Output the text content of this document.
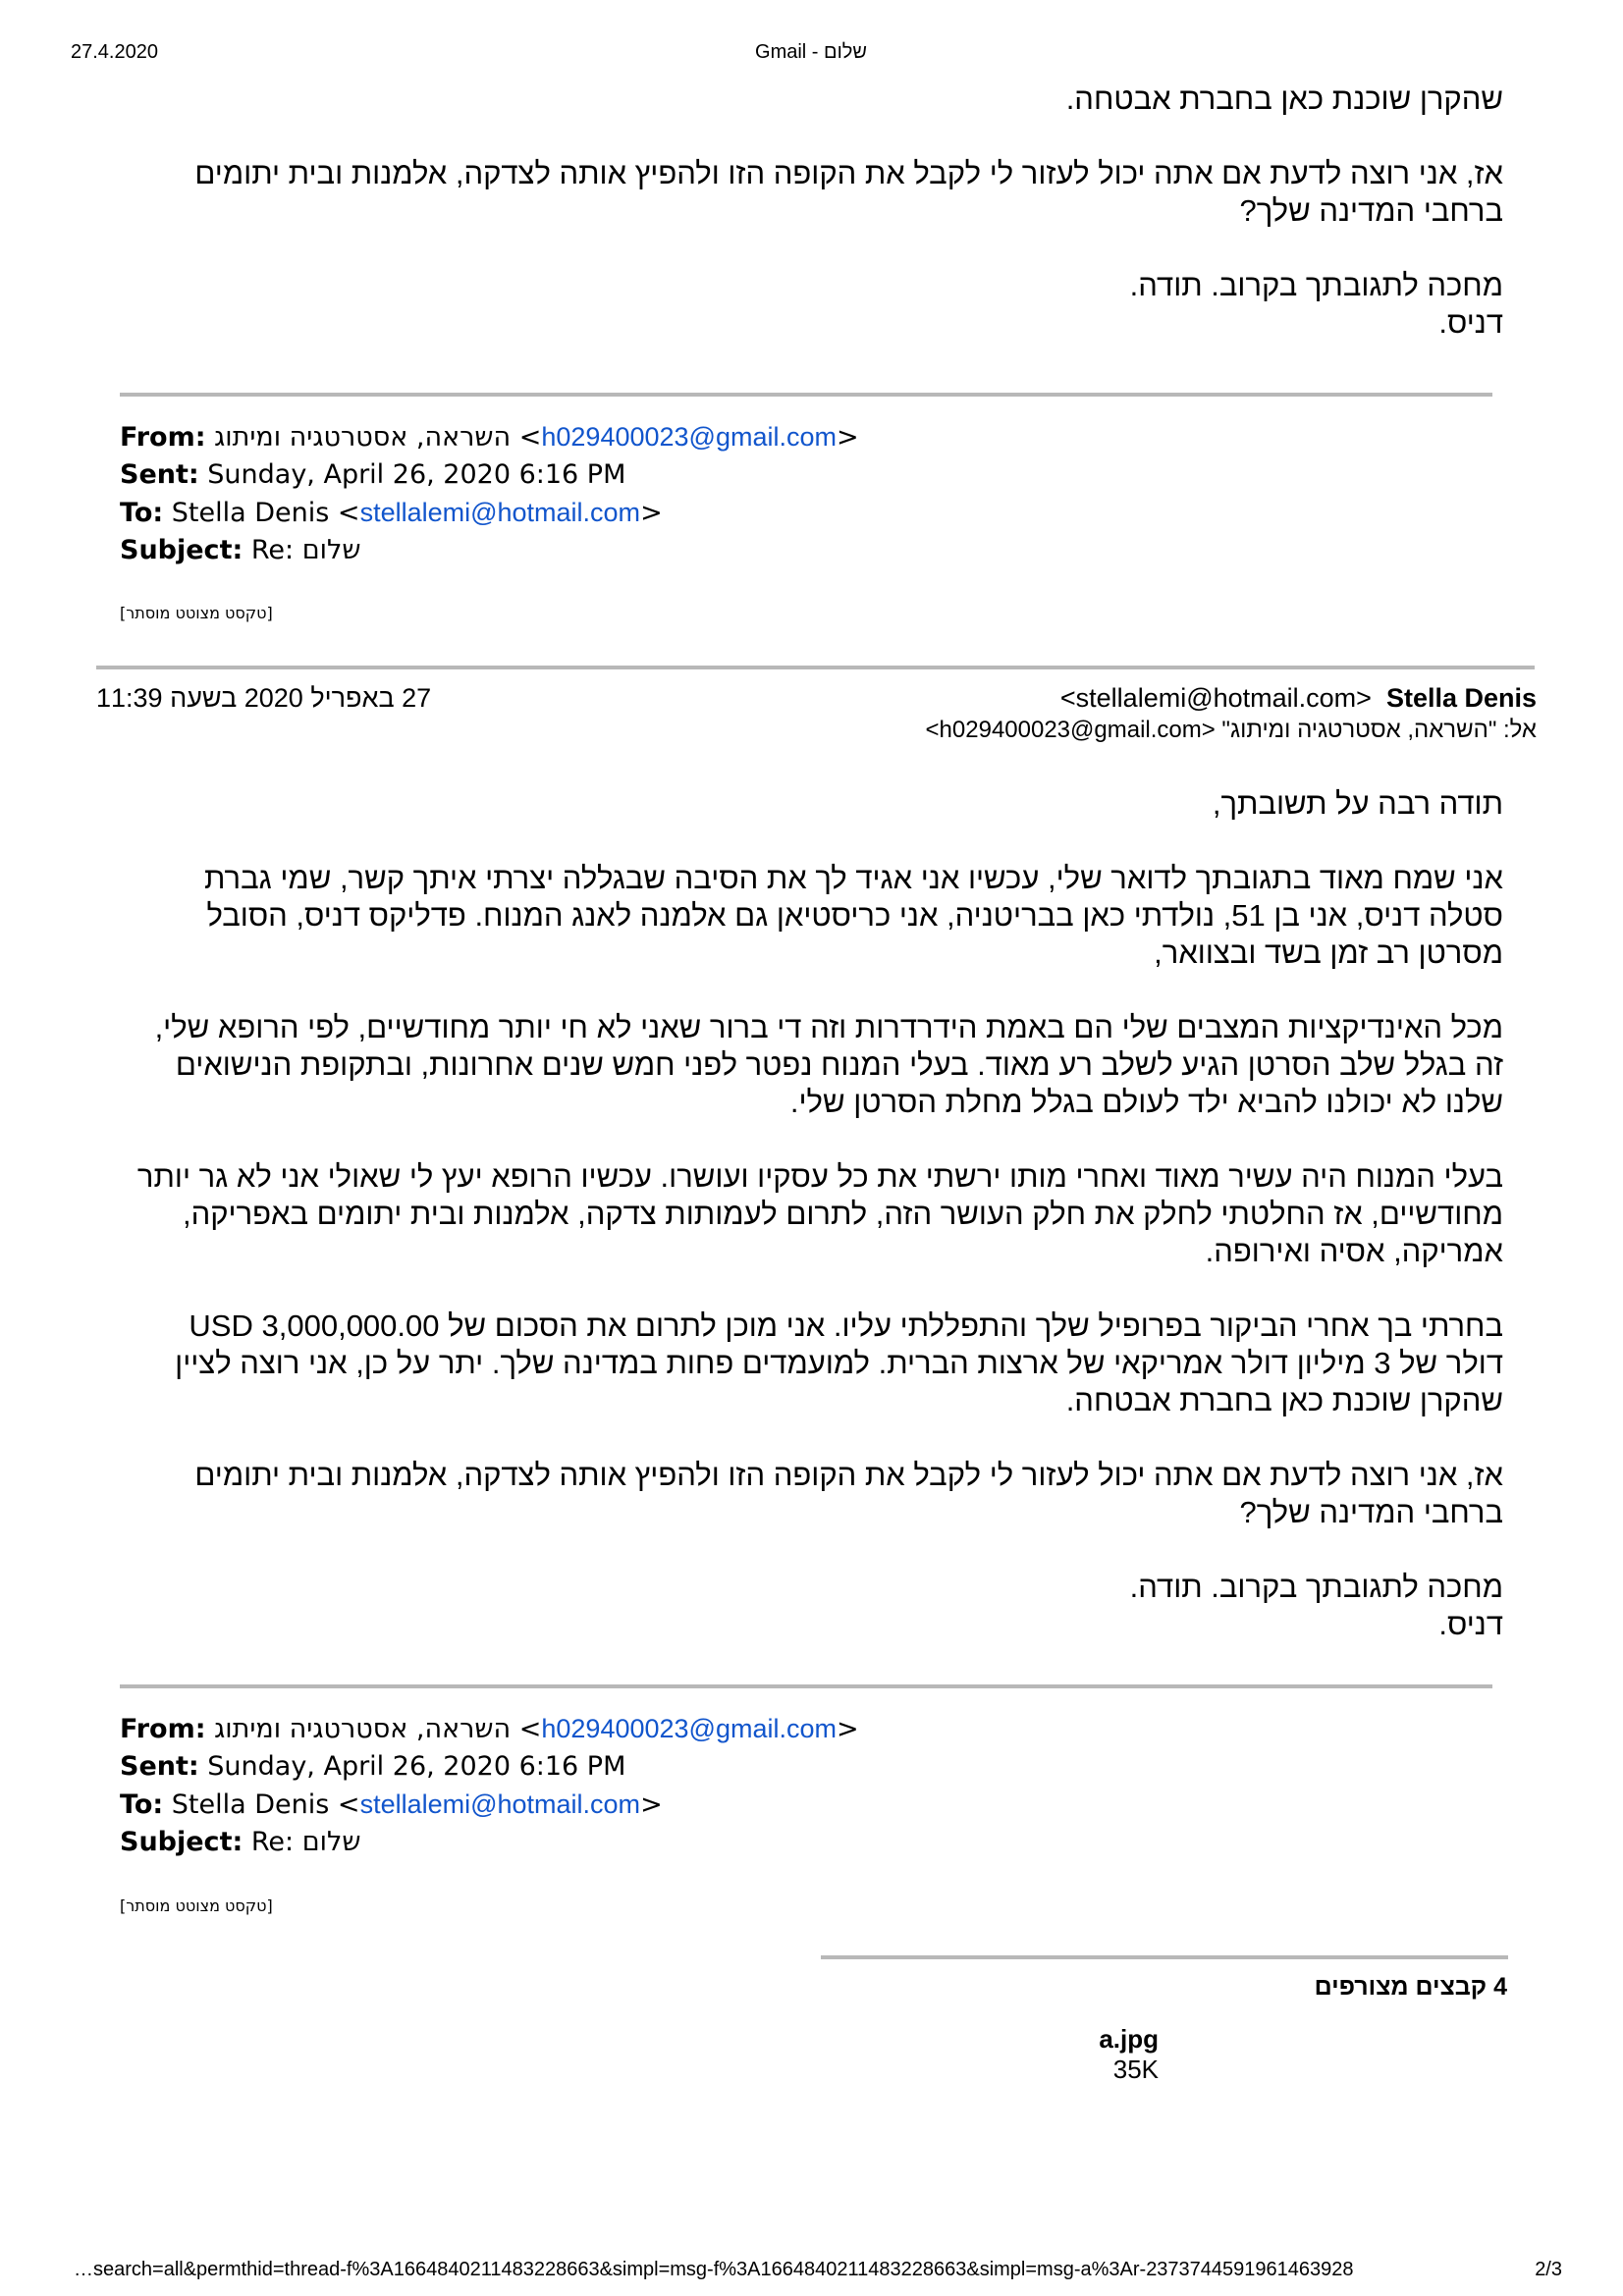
27.4.2020	שלום - Gmail

שהקרן שוכנת כאן בחברת אבטחה.

אז, אני רוצה לדעת אם אתה יכול לעזור לי לקבל את הקופה הזו ולהפיץ אותה לצדקה, אלמנות ובית יתומים
ברחבי המדינה שלך?

מחכה לתגובתך בקרוב. תודה.
דניס.

From: השראה, אסטרטגיה ומיתוג <h029400023@gmail.com>
Sent: Sunday, April 26, 2020 6:16 PM
To: Stella Denis <stellalemi@hotmail.com>
Subject: Re: שלום
[טקסט מצוטט מוסתר]
<stellalemi@hotmail.com> Stella Denis
27 באפריל 2020 בשעה 11:39
אל: "השראה, אסטרטגיה ומיתוג" <h029400023@gmail.com>

תודה רבה על תשובתך,

אני שמח מאוד בתגובתך לדואר שלי, עכשיו אני אגיד לך את הסיבה שבגללה יצרתי איתך קשר, שמי גברת
סטלה דניס, אני בן 51, נולדתי כאן בבריטניה, אני כריסטיאן גם אלמנה לאנג המנוח. פדליקס דניס, הסובל
מסרטן רב זמן בשד ובצוואר,

מכל האינדיקציות המצבים שלי הם באמת הידרדרות וזה די ברור שאני לא חי יותר מחודשיים, לפי הרופא שלי,
זה בגלל שלב הסרטן הגיע לשלב רע מאוד. בעלי המנוח נפטר לפני חמש שנים אחרונות, ובתקופת הנישואים
שלנו לא יכולנו להביא ילד לעולם בגלל מחלת הסרטן שלי.

בעלי המנוח היה עשיר מאוד ואחרי מותו ירשתי את כל עסקיו ועושרו. עכשיו הרופא יעץ לי שאולי אני לא גר יותר
מחודשיים, אז החלטתי לחלק את חלק העושר הזה, לתרום לעמותות צדקה, אלמנות ובית יתומים באפריקה,
אמריקה, אסיה ואירופה.

בחרתי בך אחרי הביקור בפרופיל שלך והתפללתי עליו. אני מוכן לתרום את הסכום של 3,000,000.00 USD
דולר של 3 מיליון דולר אמריקאי של ארצות הברית. למועמדים פחות במדינה שלך. יתר על כן, אני רוצה לציין
שהקרן שוכנת כאן בחברת אבטחה.

אז, אני רוצה לדעת אם אתה יכול לעזור לי לקבל את הקופה הזו ולהפיץ אותה לצדקה, אלמנות ובית יתומים
ברחבי המדינה שלך?

מחכה לתגובתך בקרוב. תודה.
דניס.

From: השראה, אסטרטגיה ומיתוג <h029400023@gmail.com>
Sent: Sunday, April 26, 2020 6:16 PM
To: Stella Denis <stellalemi@hotmail.com>
Subject: Re: שלום
[טקסט מצוטט מוסתר]
4 קבצים מצורפים
a.jpg
35K
…search=all&permthid=thread-f%3A1664840211483228663&simpl=msg-f%3A1664840211483228663&simpl=msg-a%3Ar-2373744591961463928	2/3
